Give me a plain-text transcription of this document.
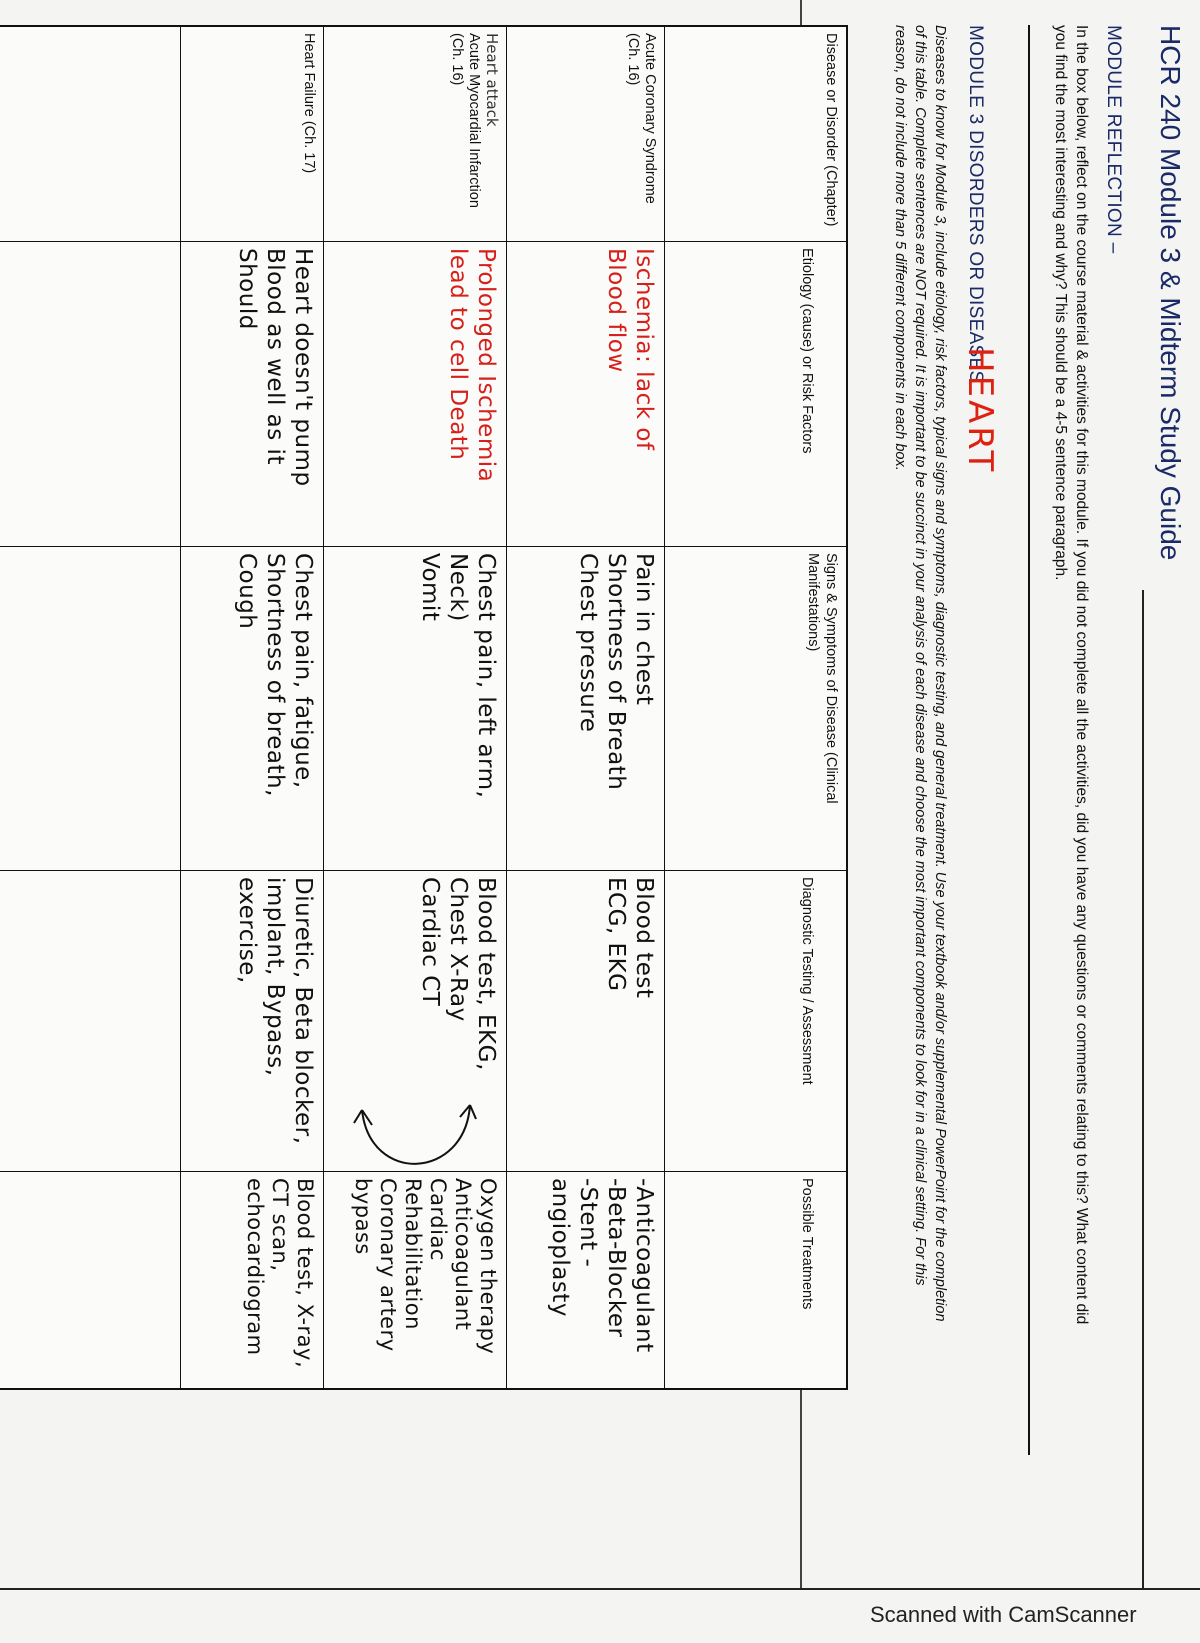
HCR 240 Module 3 & Midterm Study Guide
MODULE REFLECTION –
In the box below, reflect on the course material & activities for this module. If you did not complete all the activities, did you have any questions or comments relating to this? What content did you find the most interesting and why? This should be a 4-5 sentence paragraph.
MODULE 3 DISORDERS OR DISEASES
HEART
Diseases to know for Module 3, include etiology, risk factors, typical signs and symptoms, diagnostic testing, and general treatment. Use your textbook and/or supplemental PowerPoint for the completion of this table. Complete sentences are NOT required. It is important to be succinct in your analysis of each disease and choose the most important components to look for in a clinical setting. For this reason, do not include more than 5 different components in each box.
Disease or Disorder (Chapter)
Etiology (cause) or Risk Factors
Signs & Symptoms of Disease (Clinical Manifestations)
Diagnostic Testing / Assessment
Possible Treatments
Acute Coronary Syndrome (Ch. 16)
Ischemia: lack of
Blood flow
Pain in chest
Shortness of Breath
Chest pressure
Blood test
ECG, EKG
-Anticoagulant
-Beta-Blocker
-Stent - angioplasty
Heart attack
Acute Myocardial Infarction (Ch. 16)
Prolonged Ischemia
lead to cell Death
Chest pain, left arm, Neck)
Vomit
Blood test, EKG,
Chest X-Ray
Cardiac CT
Oxygen therapy
Anticoagulant
Cardiac Rehabilitation
Coronary artery bypass
Heart Failure (Ch. 17)
Heart doesn't pump
Blood as well as it
Should
Chest pain, fatigue,
Shortness of breath,
Cough
Diuretic, Beta blocker,
implant, Bypass,
exercise,
Blood test, X-ray,
CT scan, echocardiogram
Scanned with CamScanner
